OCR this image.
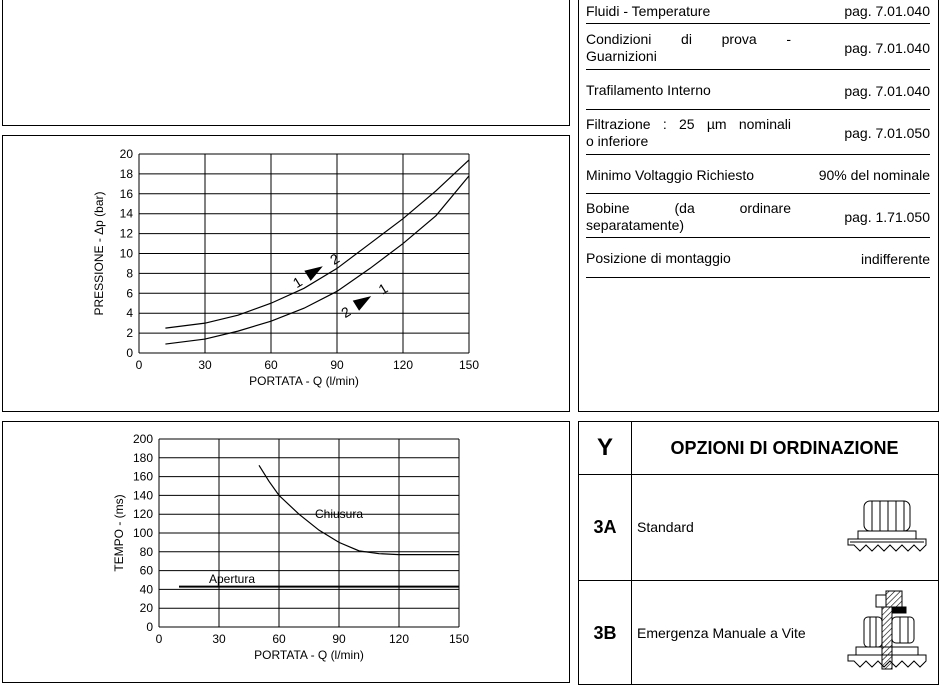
0	30	60	90	120	150
0
2
4
6
8
10
12
14
16
18
20
PORTATA - Q (l/min)
PRESSIONE - Δp (bar)	1
2
2
1
0	30	60	90	120	150
0
20
40
60
80
100
120
140
160
180
200
PORTATA - Q (l/min)
TEMPO - (ms)	Chiusura
Apertura
Fluidi - Temperature	pag. 7.01.040
Condizioni di prova -
Guarnizioni	pag. 7.01.040
Trafilamento Interno	pag. 7.01.040
Filtrazione : 25 µm nominali
o inferiore	pag. 7.01.050
Minimo Voltaggio Richiesto	90% del nominale
Bobine (da ordinare
separatamente)	pag. 1.71.050
Posizione di montaggio	indifferente
Y	OPZIONI DI ORDINAZIONE
3A	Standard
3B	Emergenza Manuale a Vite
